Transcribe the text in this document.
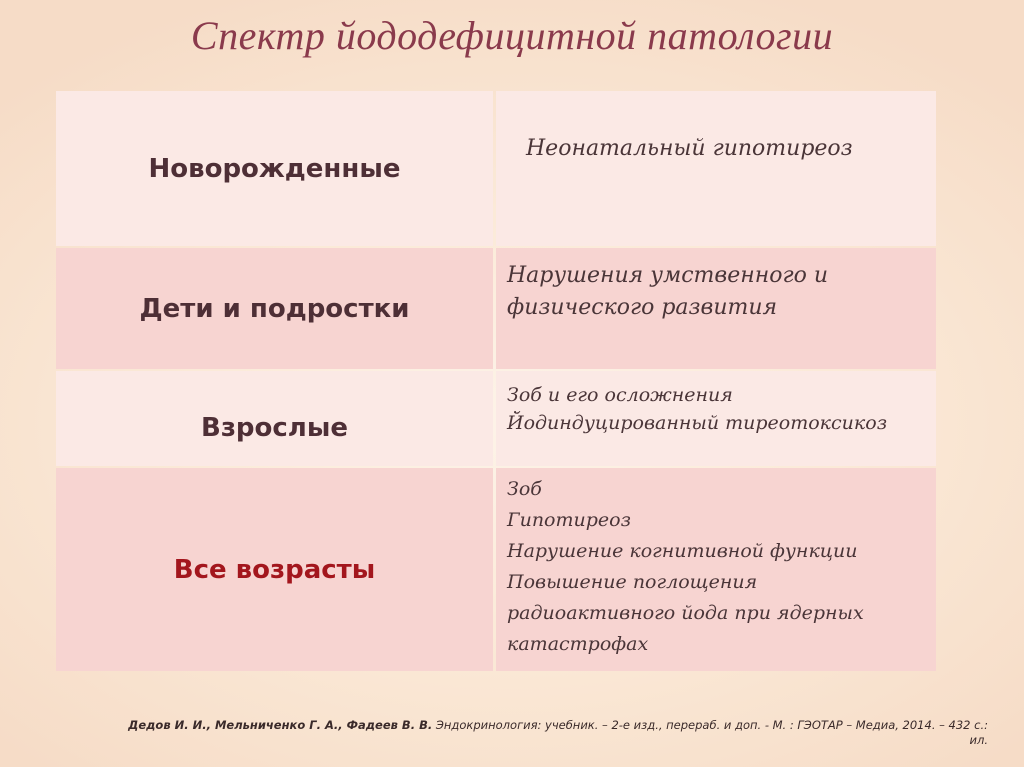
Спектр йододефицитной патологии
Новорожденные
Неонатальный гипотиреоз
Дети и подростки
Нарушения умственного и
физического развития
Взрослые
Зоб и его осложнения
Йодиндуцированный тиреотоксикоз
Все возрасты
Зоб
Гипотиреоз
Нарушение когнитивной функции
Повышение поглощения
радиоактивного йода при ядерных
катастрофах
Дедов И. И., Мельниченко Г. А., Фадеев В. В. Эндокринология: учебник. – 2-е изд., перераб. и доп. - М. : ГЭОТАР – Медиа, 2014. – 432 с.:
ил.
